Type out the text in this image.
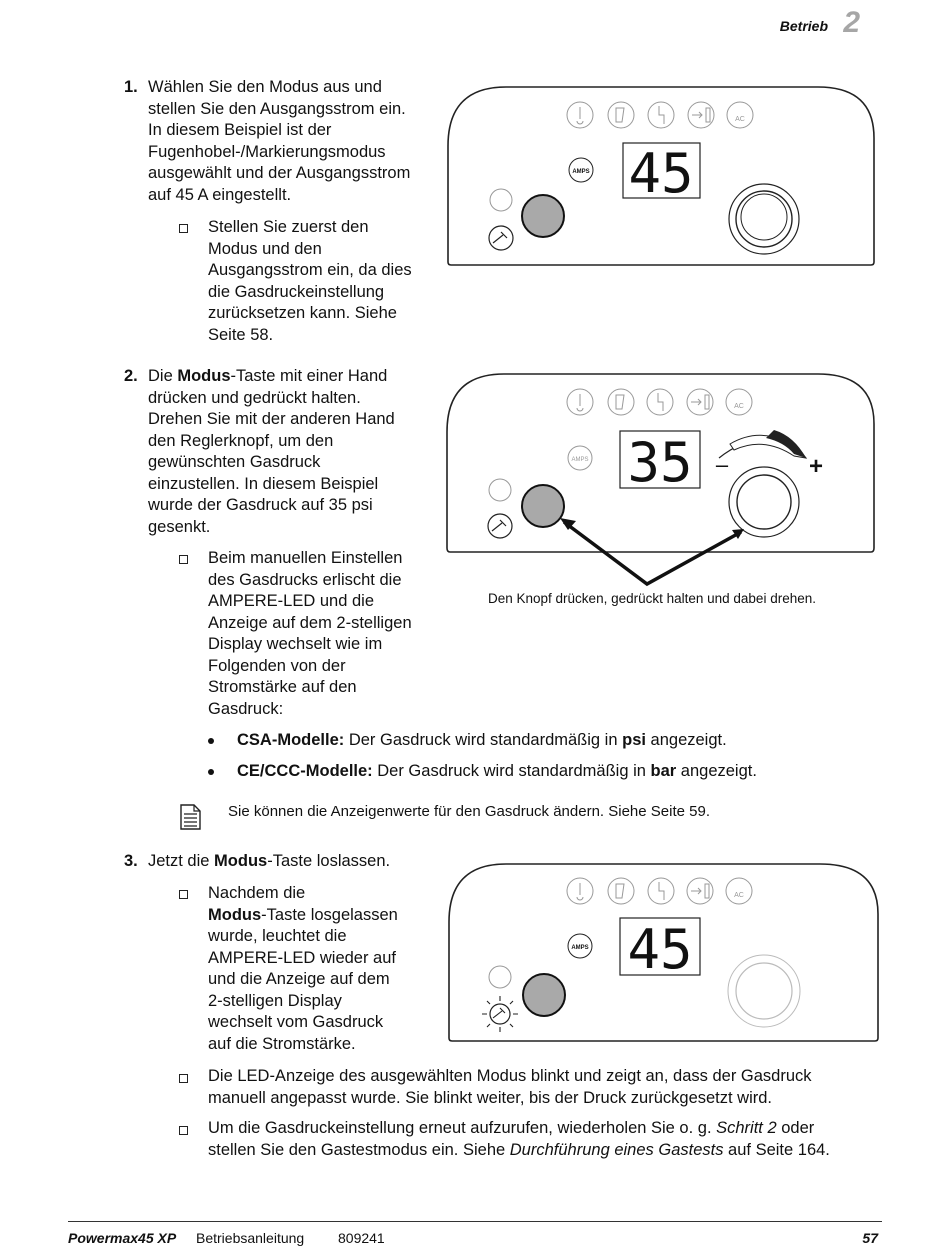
Betrieb 2
1. Wählen Sie den Modus aus und
stellen Sie den Ausgangsstrom ein.
In diesem Beispiel ist der
Fugenhobel-/Markierungsmodus
ausgewählt und der Ausgangsstrom
auf 45 A eingestellt.
Stellen Sie zuerst den
Modus und den
Ausgangsstrom ein, da dies
die Gasdruckeinstellung
zurücksetzen kann. Siehe
Seite 58.
AC
AMPS 45
2. Die Modus-Taste mit einer Hand
drücken und gedrückt halten.
Drehen Sie mit der anderen Hand
den Reglerknopf, um den
gewünschten Gasdruck
einzustellen. In diesem Beispiel
wurde der Gasdruck auf 35 psi
gesenkt.
Beim manuellen Einstellen
des Gasdrucks erlischt die
AMPERE-LED und die
Anzeige auf dem 2-stelligen
Display wechselt wie im
Folgenden von der
Stromstärke auf den
Gasdruck:
AC
AMPS 35 –	+
Den Knopf drücken, gedrückt halten und dabei drehen.
CSA-Modelle: Der Gasdruck wird standardmäßig in psi angezeigt.
CE/CCC-Modelle: Der Gasdruck wird standardmäßig in bar angezeigt.
Sie können die Anzeigenwerte für den Gasdruck ändern. Siehe Seite 59.
3. Jetzt die Modus-Taste loslassen.
Nachdem die
Modus-Taste losgelassen
wurde, leuchtet die
AMPERE-LED wieder auf
und die Anzeige auf dem
2-stelligen Display
wechselt vom Gasdruck
auf die Stromstärke.
AC
AMPS 45
Die LED-Anzeige des ausgewählten Modus blinkt und zeigt an, dass der Gasdruck
manuell angepasst wurde. Sie blinkt weiter, bis der Druck zurückgesetzt wird.
Um die Gasdruckeinstellung erneut aufzurufen, wiederholen Sie o. g. Schritt 2 oder
stellen Sie den Gastestmodus ein. Siehe Durchführung eines Gastests auf Seite 164.
Powermax45 XP Betriebsanleitung 809241	57
